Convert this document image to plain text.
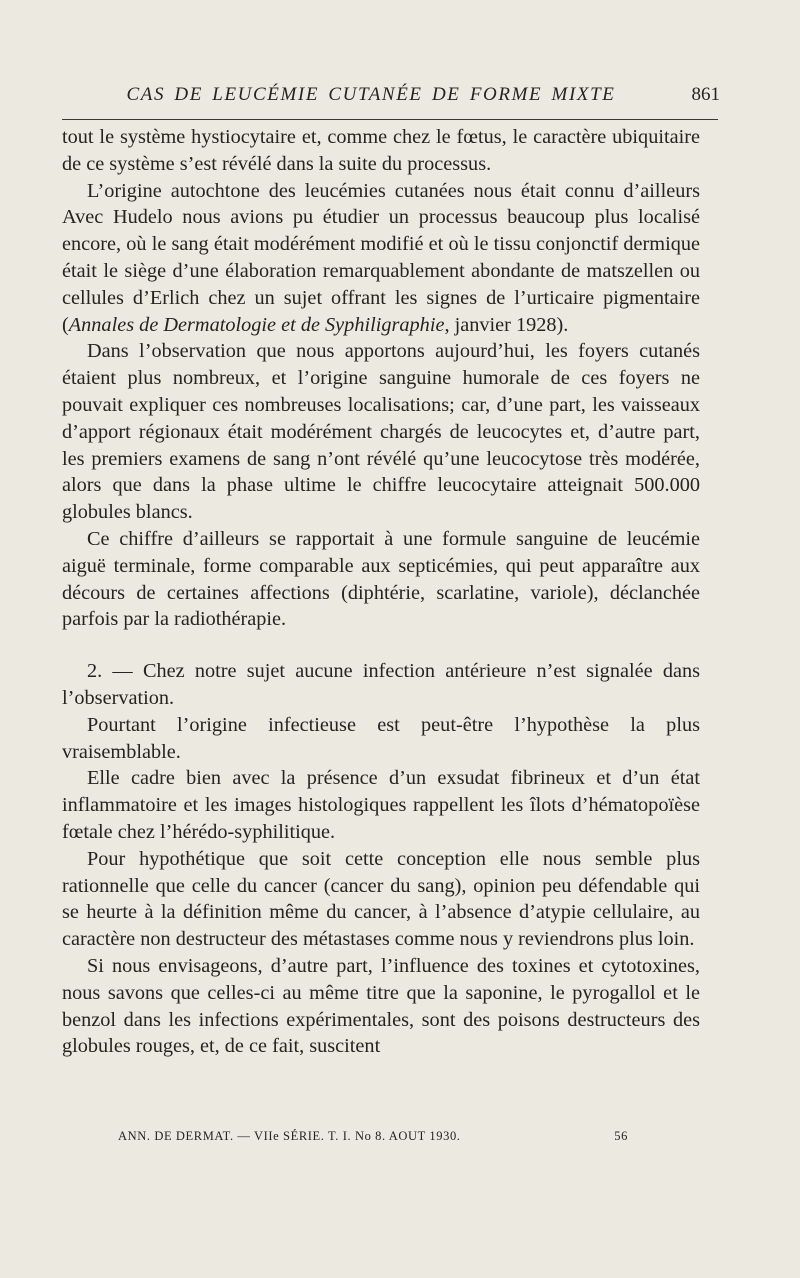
CAS DE LEUCÉMIE CUTANÉE DE FORME MIXTE	861

tout le système hystiocytaire et, comme chez le fœtus, le caractère ubiquitaire de ce système s’est révélé dans la suite du processus.

L’origine autochtone des leucémies cutanées nous était connu d’ailleurs Avec Hudelo nous avions pu étudier un processus beaucoup plus localisé encore, où le sang était modérément modifié et où le tissu conjonctif dermique était le siège d’une élaboration remarquablement abondante de matszellen ou cellules d’Erlich chez un sujet offrant les signes de l’urticaire pigmentaire (Annales de Dermatologie et de Syphiligraphie, janvier 1928).

Dans l’observation que nous apportons aujourd’hui, les foyers cutanés étaient plus nombreux, et l’origine sanguine humorale de ces foyers ne pouvait expliquer ces nombreuses localisations; car, d’une part, les vaisseaux d’apport régionaux était modérément chargés de leucocytes et, d’autre part, les premiers examens de sang n’ont révélé qu’une leucocytose très modérée, alors que dans la phase ultime le chiffre leucocytaire atteignait 500.000 globules blancs.

Ce chiffre d’ailleurs se rapportait à une formule sanguine de leucémie aiguë terminale, forme comparable aux septicémies, qui peut apparaître aux décours de certaines affections (diphtérie, scarlatine, variole), déclanchée parfois par la radiothérapie.

2. — Chez notre sujet aucune infection antérieure n’est signalée dans l’observation.

Pourtant l’origine infectieuse est peut-être l’hypothèse la plus vraisemblable.

Elle cadre bien avec la présence d’un exsudat fibrineux et d’un état inflammatoire et les images histologiques rappellent les îlots d’hématopoïèse fœtale chez l’hérédo-syphilitique.

Pour hypothétique que soit cette conception elle nous semble plus rationnelle que celle du cancer (cancer du sang), opinion peu défendable qui se heurte à la définition même du cancer, à l’absence d’atypie cellulaire, au caractère non destructeur des métastases comme nous y reviendrons plus loin.

Si nous envisageons, d’autre part, l’influence des toxines et cytotoxines, nous savons que celles-ci au même titre que la saponine, le pyrogallol et le benzol dans les infections expérimentales, sont des poisons destructeurs des globules rouges, et, de ce fait, suscitent

ANN. DE DERMAT. — VIIe SÉRIE. T. I. No 8. AOUT 1930.	56
